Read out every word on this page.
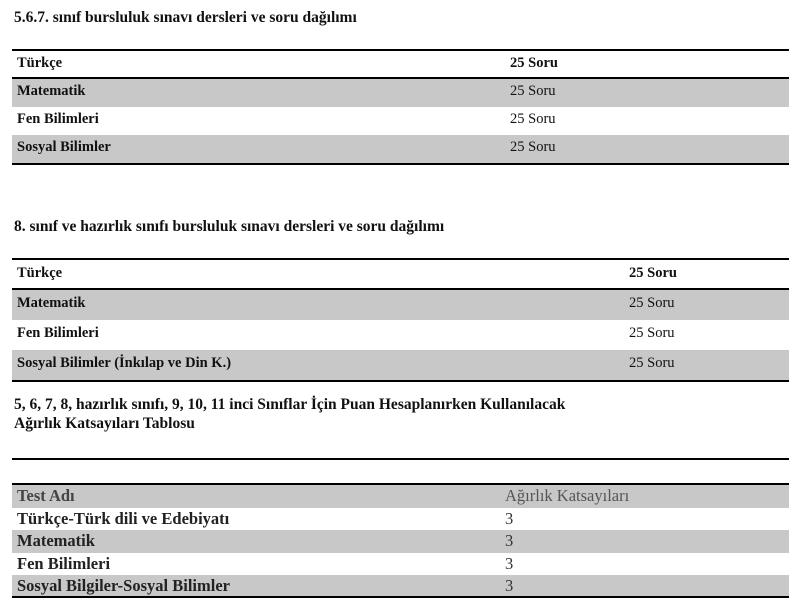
5.6.7. sınıf bursluluk sınavı dersleri ve soru dağılımı

Türkçe	25 Soru
Matematik	25 Soru
Fen Bilimleri	25 Soru
Sosyal Bilimler	25 Soru

8. sınıf ve hazırlık sınıfı bursluluk sınavı dersleri ve soru dağılımı

Türkçe	25 Soru
Matematik	25 Soru
Fen Bilimleri	25 Soru
Sosyal Bilimler (İnkılap ve Din K.)	25 Soru

5, 6, 7, 8, hazırlık sınıfı, 9, 10, 11 inci Sınıflar İçin Puan Hesaplanırken Kullanılacak
Ağırlık Katsayıları Tablosu

Test Adı	Ağırlık Katsayıları
Türkçe-Türk dili ve Edebiyatı	3
Matematik	3
Fen Bilimleri	3
Sosyal Bilgiler-Sosyal Bilimler	3
